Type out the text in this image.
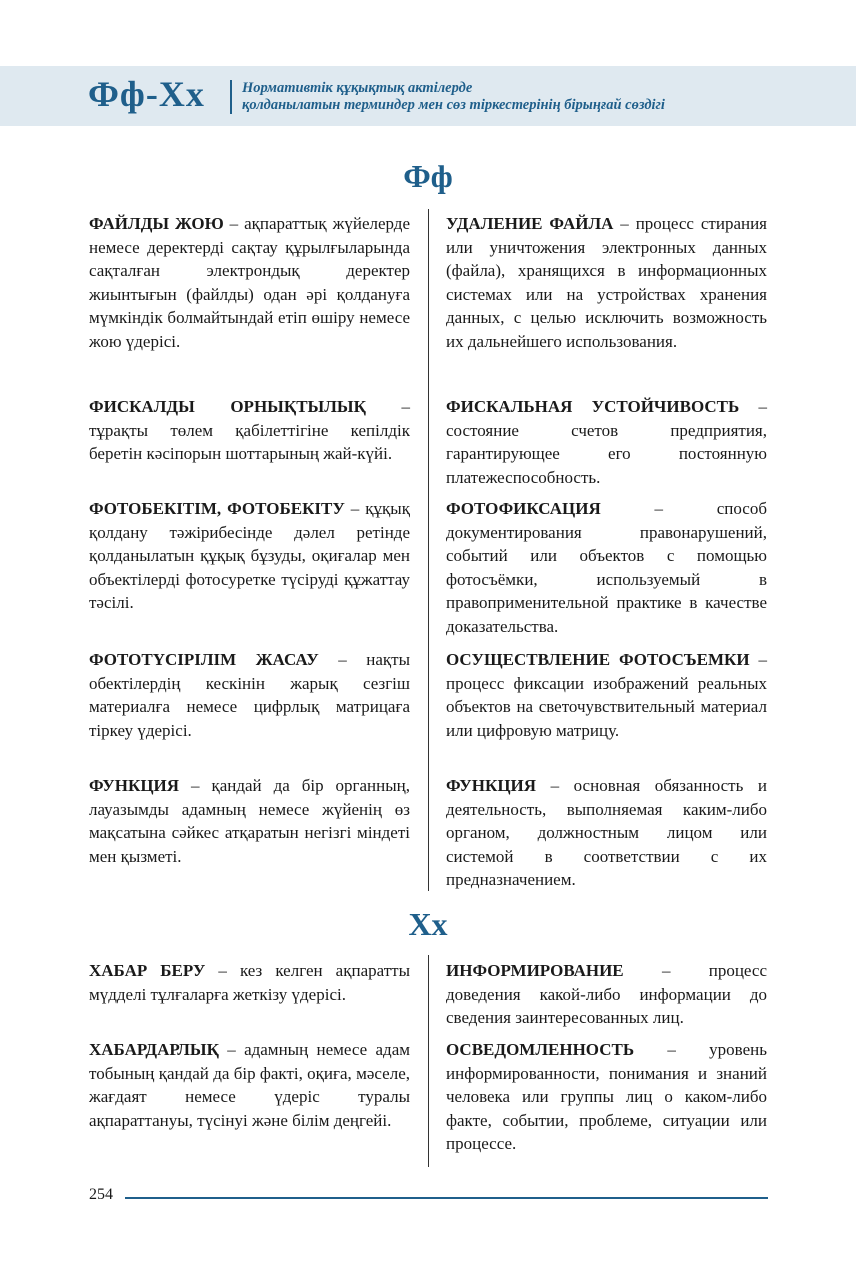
Фф-Хх	Нормативтік құқықтық актілерде
қолданылатын терминдер мен сөз тіркестерінің бірыңғай сөздігі
Фф
ФАЙЛДЫ ЖОЮ – ақпараттық жүйелерде немесе деректерді сақтау құрылғыларында сақталған электрондық деректер жиынтығын (файлды) одан әрі қолдануға мүмкіндік болмайтындай етіп өшіру немесе жою үдерісі.
УДАЛЕНИЕ ФАЙЛА – процесс стирания или уничтожения электронных данных (файла), хранящихся в информационных системах или на устройствах хранения данных, с целью исключить возможность их дальнейшего использования.
ФИСКАЛДЫ ОРНЫҚТЫЛЫҚ – тұрақты төлем қабілеттігіне кепілдік беретін кәсіпорын шоттарының жай-күйі.
ФИСКАЛЬНАЯ УСТОЙЧИВОСТЬ – состояние счетов предприятия, гарантирующее его постоянную платежеспособность.
ФОТОБЕКІТІМ, ФОТОБЕКІТУ – құқық қолдану тәжірибесінде дәлел ретінде қолданылатын құқық бұзуды, оқиғалар мен объектілерді фотосуретке түсіруді құжаттау тәсілі.
ФОТОФИКСАЦИЯ – способ документирования правонарушений, событий или объектов с помощью фотосъёмки, используемый в правоприменительной практике в качестве доказательства.
ФОТОТҮСІРІЛІМ ЖАСАУ – нақты обектілердің кескінін жарық сезгіш материалға немесе цифрлық матрицаға тіркеу үдерісі.
ОСУЩЕСТВЛЕНИЕ ФОТОСЪЕМКИ – процесс фиксации изображений реальных объектов на светочувствительный материал или цифровую матрицу.
ФУНКЦИЯ – қандай да бір органның, лауазымды адамның немесе жүйенің өз мақсатына сәйкес атқаратын негізгі міндеті мен қызметі.
ФУНКЦИЯ – основная обязанность и деятельность, выполняемая каким-либо органом, должностным лицом или системой в соответствии с их предназначением.
Хх
ХАБАР БЕРУ – кез келген ақпаратты мүдделі тұлғаларға жеткізу үдерісі.
ИНФОРМИРОВАНИЕ – процесс доведения какой-либо информации до сведения заинтересованных лиц.
ХАБАРДАРЛЫҚ – адамның немесе адам тобының қандай да бір факті, оқиға, мәселе, жағдаят немесе үдеріс туралы ақпараттануы, түсінуі және білім деңгейі.
ОСВЕДОМЛЕННОСТЬ – уровень информированности, понимания и знаний человека или группы лиц о каком-либо факте, событии, проблеме, ситуации или процессе.
254
